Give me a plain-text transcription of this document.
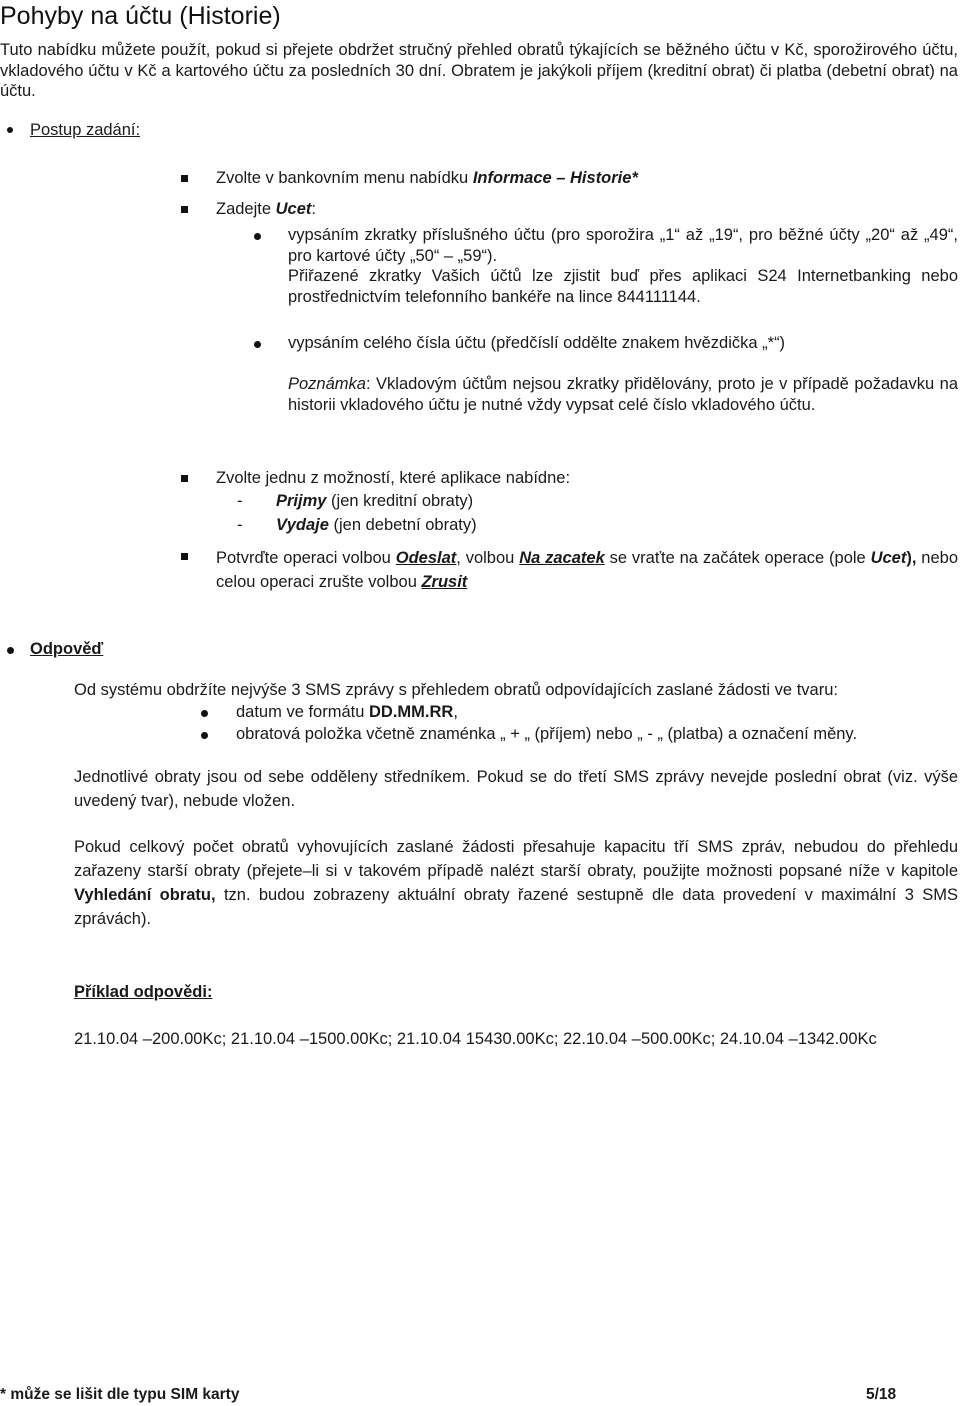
Pohyby na účtu (Historie)
Tuto nabídku můžete použít, pokud si přejete obdržet stručný přehled obratů týkajících se běžného účtu v Kč, sporožirového účtu, vkladového účtu v Kč a kartového účtu za posledních 30 dní. Obratem je jakýkoli příjem (kreditní obrat) či platba (debetní obrat) na účtu.
Postup zadání:
Zvolte v bankovním menu nabídku Informace – Historie*
Zadejte Ucet:
vypsáním zkratky příslušného účtu (pro sporožira „1“ až „19“, pro běžné účty „20“ až „49“, pro kartové účty „50“ – „59“).
Přiřazené zkratky Vašich účtů lze zjistit buď přes aplikaci S24 Internetbanking nebo prostřednictvím telefonního bankéře na lince 844111144.
vypsáním celého čísla účtu (předčíslí oddělte znakem hvězdička „*“)
Poznámka: Vkladovým účtům nejsou zkratky přidělovány, proto je v případě požadavku na historii vkladového účtu je nutné vždy vypsat celé číslo vkladového účtu.
Zvolte jednu z možností, které aplikace nabídne:
- Prijmy (jen kreditní obraty)
- Vydaje (jen debetní obraty)
Potvrďte operaci volbou Odeslat, volbou Na zacatek se vraťte na začátek operace (pole Ucet), nebo celou operaci zrušte volbou Zrusit
Odpověď
Od systému obdržíte nejvýše 3 SMS zprávy s přehledem obratů odpovídajících zaslané žádosti ve tvaru:
datum ve formátu DD.MM.RR,
obratová položka včetně znaménka „ + „ (příjem) nebo „ - „ (platba) a označení měny.
Jednotlivé obraty jsou od sebe odděleny středníkem. Pokud se do třetí SMS zprávy nevejde poslední obrat (viz. výše uvedený tvar), nebude vložen.
Pokud celkový počet obratů vyhovujících zaslané žádosti přesahuje kapacitu tří SMS zpráv, nebudou do přehledu zařazeny starší obraty (přejete–li si v takovém případě nalézt starší obraty, použijte možnosti popsané níže v kapitole Vyhledání obratu, tzn. budou zobrazeny aktuální obraty řazené sestupně dle data provedení v maximální 3 SMS zprávách).
Příklad odpovědi:
21.10.04 –200.00Kc; 21.10.04 –1500.00Kc; 21.10.04 15430.00Kc; 22.10.04 –500.00Kc; 24.10.04 –1342.00Kc
* může se lišit dle typu SIM karty	5/18
